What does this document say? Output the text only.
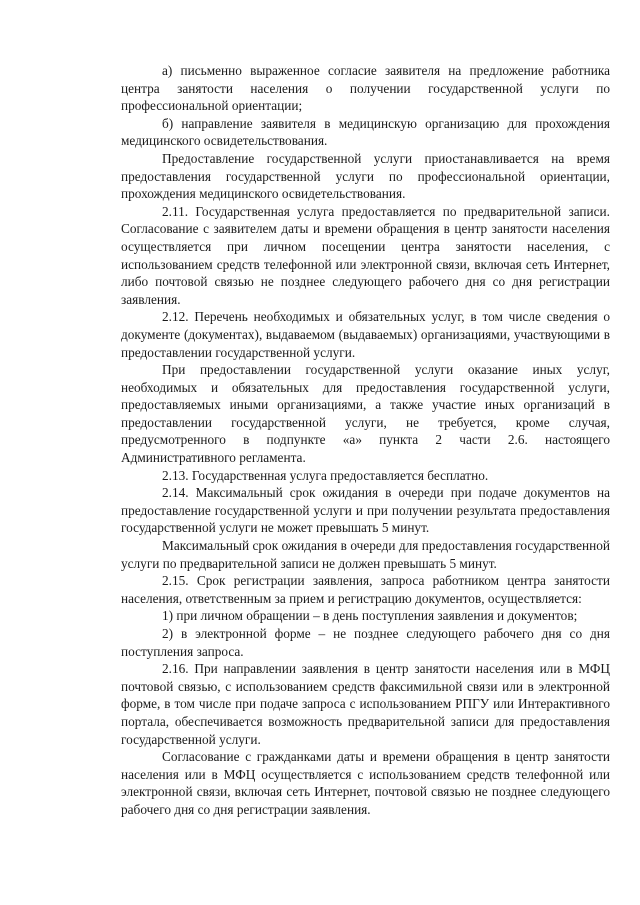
а) письменно выраженное согласие заявителя на предложение работника центра занятости населения о получении государственной услуги по профессиональной ориентации;

б) направление заявителя в медицинскую организацию для прохождения медицинского освидетельствования.

Предоставление государственной услуги приостанавливается на время предоставления государственной услуги по профессиональной ориентации, прохождения медицинского освидетельствования.

2.11. Государственная услуга предоставляется по предварительной записи. Согласование с заявителем даты и времени обращения в центр занятости населения осуществляется при личном посещении центра занятости населения, с использованием средств телефонной или электронной связи, включая сеть Интернет, либо почтовой связью не позднее следующего рабочего дня со дня регистрации заявления.

2.12. Перечень необходимых и обязательных услуг, в том числе сведения о документе (документах), выдаваемом (выдаваемых) организациями, участвующими в предоставлении государственной услуги.

При предоставлении государственной услуги оказание иных услуг, необходимых и обязательных для предоставления государственной услуги, предоставляемых иными организациями, а также участие иных организаций в предоставлении государственной услуги, не требуется, кроме случая, предусмотренного в подпункте «а» пункта 2 части 2.6. настоящего Административного регламента.

2.13. Государственная услуга предоставляется бесплатно.

2.14. Максимальный срок ожидания в очереди при подаче документов на предоставление государственной услуги и при получении результата предоставления государственной услуги не может превышать 5 минут.

Максимальный срок ожидания в очереди для предоставления государственной услуги по предварительной записи не должен превышать 5 минут.

2.15. Срок регистрации заявления, запроса работником центра занятости населения, ответственным за прием и регистрацию документов, осуществляется:

1) при личном обращении – в день поступления заявления и документов;

2) в электронной форме – не позднее следующего рабочего дня со дня поступления запроса.

2.16. При направлении заявления в центр занятости населения или в МФЦ почтовой связью, с использованием средств факсимильной связи или в электронной форме, в том числе при подаче запроса с использованием РПГУ или Интерактивного портала, обеспечивается возможность предварительной записи для предоставления государственной услуги.

Согласование с гражданками даты и времени обращения в центр занятости населения или в МФЦ осуществляется с использованием средств телефонной или электронной связи, включая сеть Интернет, почтовой связью не позднее следующего рабочего дня со дня регистрации заявления.
